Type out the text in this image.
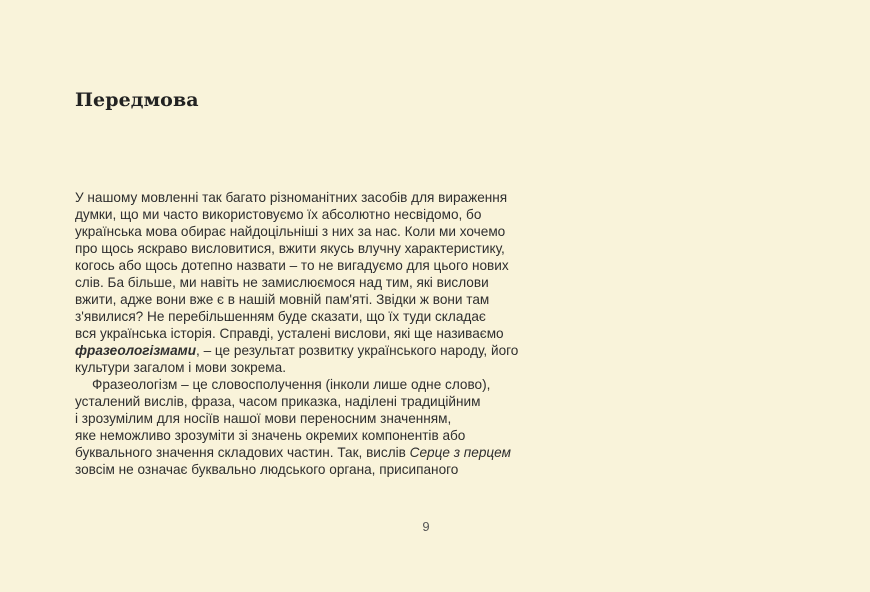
Передмова
У нашому мовленні так багато різноманітних засобів для вираження
думки, що ми часто використовуємо їх абсолютно несвідомо, бо
українська мова обирає найдоцільніші з них за нас. Коли ми хочемо
про щось яскраво висловитися, вжити якусь влучну характеристику,
когось або щось дотепно назвати – то не вигадуємо для цього нових
слів. Ба більше, ми навіть не замислюємося над тим, які вислови
вжити, адже вони вже є в нашій мовній пам'яті. Звідки ж вони там
з'явилися? Не перебільшенням буде сказати, що їх туди складає
вся українська історія. Справді, усталені вислови, які ще називаємо
фразеологізмами, – це результат розвитку українського народу, його
культури загалом і мови зокрема.
Фразеологізм – це словосполучення (інколи лише одне слово),
усталений вислів, фраза, часом приказка, наділені традиційним
і зрозумілим для носіїв нашої мови переносним значенням,
яке неможливо зрозуміти зі значень окремих компонентів або
буквального значення складових частин. Так, вислів Серце з перцем
зовсім не означає буквально людського органа, присипаного
9
